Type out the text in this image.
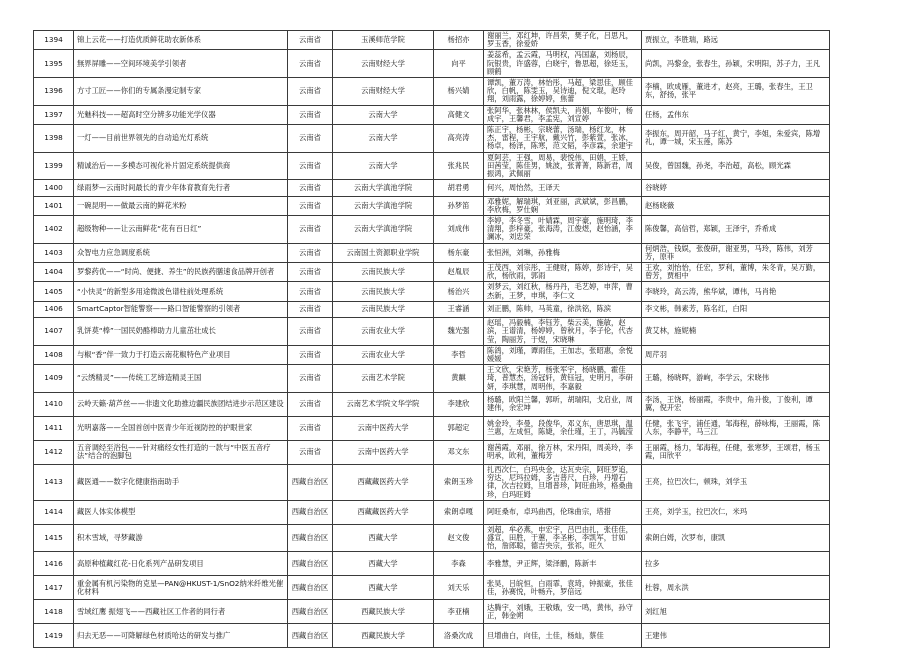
1394	锦上云花——打造优质鲜花助农新体系	云南省	玉溪师范学院	杨招亦	谢丽兰，邓红坤，许昌荣，樊子化，吕思凡，罗玉香，徐爱娇	贾振立，李胜瑞，路远
1395	無界屏雕——空间环境美学引领者	云南省	云南财经大学	向平	姜蕊希，孟云霞，马明权，冯国嘉，刘杨辰，阮银贵，许盛蓉，白晓宇，鲁思超，徐廷玉，顾鹤	尚凯，冯黎金，张春生，孙颖，宋明阳，苏子力，王凡
1396	方寸工匠——你们的专属条漫定制专家	云南省	云南财经大学	杨兴婧	谭凯，董万涛，林怡彤，马超，梁思佳，顾佳欣，白帆，陈雯玉，吴诗迪，倪文琨，赵玲翔，刘雨露，徐婷婷，焦蕾	李楠，欧成雁，董进才，赵亮，王璐，张春生，王卫东，舒扬，张平
1397	光魅科技——超高时空分辨多功能光学仪器	云南省	云南大学	高健文	张阿华，张林林，侯凯夫，肖娟，车俊叶，杨成宇，王馨君，李孟宪，刘宣婷	任杨，孟伟东
1398	一灯——目前世界领先的自动追光灯系统	云南省	云南大学	高亮涛	陈正宇，杨彬，宗晓蕾，汤瑞，杨红龙，林杰，雷程，王宇航，戴兴竹，彭紫萱，张冰，杨卓，杨泽，陈寒，范文韬，李彦霖，余建宇	李振东，周开韶，马子红，黄宁，李姐，朱爱宾，陈增礼，谭一城，宋玉莲，陈苏
1399	精诚治后——多模态可视化补片固定系统提供商	云南省	云南大学	张兆民	夏阿芸，王强，周易，裴悦伟，田娟，王娇，田茜莹，陈佳男，姚波，张菁菁，陈新君，周振鸿，武佩丽	吴俊，曾国魏，孙尧，李治超，高松，顾光霖
1400	绿雨梦—云南时间最长的青少年体育教育先行者	云南省	云南大学滇池学院	胡君勇	何兴，周怡然，王译天	谷晓婷
1401	一碗昆明——做最云南的鲜花米粉	云南省	云南大学滇池学院	孙梦笛	邓雅妮，解瑞琪，刘亚丽，武斌斌，彭昌鹏，李欣梅，罗仕娴	赵杨晓薇
1402	超级物种——让云南鲜花“花有百日红”	云南省	云南大学滇池学院	刘成伟	李婷，李冬雪，叶婧霖，周宇豪，施明琦，李清翔，彭梓豪，张海涛，江俊煜，赵怡涵，李澜冰，刘忠荣	陈俊馨，高信哲，郑颖，王泽宇，乔希成
1403	众智电力应急调度系统	云南省	云南国土资源职业学院	杨东豪	张恒洲，刘琳，孙雅梅	何炳浩，钱娱，张俊研，谢亚男，马玲，陈伟，刘芳芳，原菲
1404	罗黎药优——“时尚、便捷、养生”的民族药膳速食品牌开创者	云南省	云南民族大学	赵胤辰	王茂西，刘宗彤，王健财，陈婷，彭诗宇，吴欣，杨欣雨，郭雨	王欢，刘怡怡，任宏，罗利，董博，朱冬青，吴万勤，曾芳，贾相中
1405	“小快灵”的新型多用途微波色谱柱前处理系统	云南省	云南民族大学	杨治兴	刘梦云，刘红秋，杨丹丹，毛艺婷，申萍，曹杰新，王梦，申琪，李仁文	李晓玲，高云涛，熊华斌，谭伟，马肖艳
1406	SmartCaptor智能警察——路口智能警察的引领者	云南省	云南民族大学	王睿涵	刘正鹏，陈帅，马英童，徐洪铭，陈滨	李文彬，韩素芳，陈名红，白阳
1407	乳饼莫“棒”一国民奶酪棒助力儿童茁壮成长	云南省	云南农业大学	魏光强	赵瑶，冯毅楠，李钰芳，柴云美，施敏，赵滨，王谱清，杨婷婷，曾秋月，李子伦，代杏莹，陶丽芳，于煜，宋晓琳	黄艾林，施妮楠
1408	与椒“香”伴一致力于打造云南花椒特色产业项目	云南省	云南农业大学	李哲	陈鸽，刘瑾，谭雨佳，王加志，张昭惠，余悦媛媛	周芹羽
1409	“云绣精灵”——传统工艺缔造精灵王国	云南省	云南艺术学院	黄麒	王文欣，宋艳芳，杨张军宇，杨晓鹏，霍佳琦，普慧杰，汤冠轩，黄钰冠，史明月，李研妍，李琪慧，周明伟，李嘉毅	王璐，杨晓晖，游峋，李学云，宋晓伟
1410	云岭天籁·葫芦丝——非遗文化助推边疆民族团结进步示范区建设	云南省	云南艺术学院文华学院	李建欣	杨璐，欧阳兰馨，郭昕，胡瑞阳，戈启业，周建伟，余宏坤	李汤，王饶，杨丽霞，李贵中，角升俊，丁俊利，谭翼，倪开宏
1411	光明嘉落——全国首创中医青少年近视防控的护眼世家	云南省	云南中医药大学	郭超定	姚金玲，李曼，段俊华，邓义东，唐思琪，温兰惠，左成恒，陈婕，余仕瑾，王丁，冯毓滢	任健，张飞宇，浦任通，邹海程，薛咏梅，王丽霞，陈人东，李静平，马三江
1412	五音调经至浴包——针对痛经女性打造的一款与“中医五音疗法”结合的泡脚包	云南省	云南中医药大学	邓文东	谢茜霞，邓丽，徐万林，宋丹阳，周美玲，李明承，欧利，董梅芳	王丽霞，杨力，邹海程，任健，张寒梦，王颂君，杨玉霞，田欣平
1413	藏医通——数字化健康指南助手	西藏自治区	西藏藏医药大学	索朗玉珍	扎西次仁，白玛央金，达瓦央宗，阿旺罗追，穷达，尼玛拉姆，多吉普尺，白珍，丹增石律，次吉拉姆，旦增普珍，阿旺曲珍，格桑曲珍，白玛旺姆	王亮，拉巴次仁，顿珠，刘学玉
1414	藏医人体实体模型	西藏自治区	西藏藏医药大学	索朗卓嘎	阿旺桑布，卓玛曲西，伦珠曲宗，塔措	王亮，刘学玉，拉巴次仁，米玛
1415	积木雪域，寻梦藏游	西藏自治区	西藏大学	赵文俊	刘超，牟必燕，申宏宇，吕巴由扎，张佳佳，盛宣，田胜，于蕙，李圣彬，李凯军，甘如怡，詹郎聪，德吉央宗，张祁，旺久	索朗白姆，次罗布，康凯
1416	高原种植藏红花-日化系列产品研发项目	西藏自治区	西藏大学	李森	李雅慧，尹正辉，梁泽鹏，陈新丰	拉多
1417	重金属有机污染物的克星—PAN@HKUST-1/SnO2纳米纤维光催化材料	西藏自治区	西藏大学	刘天乐	张昊，吕皖恒，白雨霏，袁琦，钟振豪，张佳佳，孙赛悦，叶畅卉，罗倍远	杜蓉，周永洪
1418	雪域红鹰 振翅飞——西藏社区工作者的同行者	西藏自治区	西藏民族大学	李亚楠	达腾宇，刘娥，王敬娥，安一鸣，黄伟，孙守正，韩金朔	刘红旭
1419	归去无恶——可降解绿色材质哈达的研发与推广	西藏自治区	西藏民族大学	洛桑次成	旦增曲白，向佳，土佳，杨灿，蔡佳	王建伟
